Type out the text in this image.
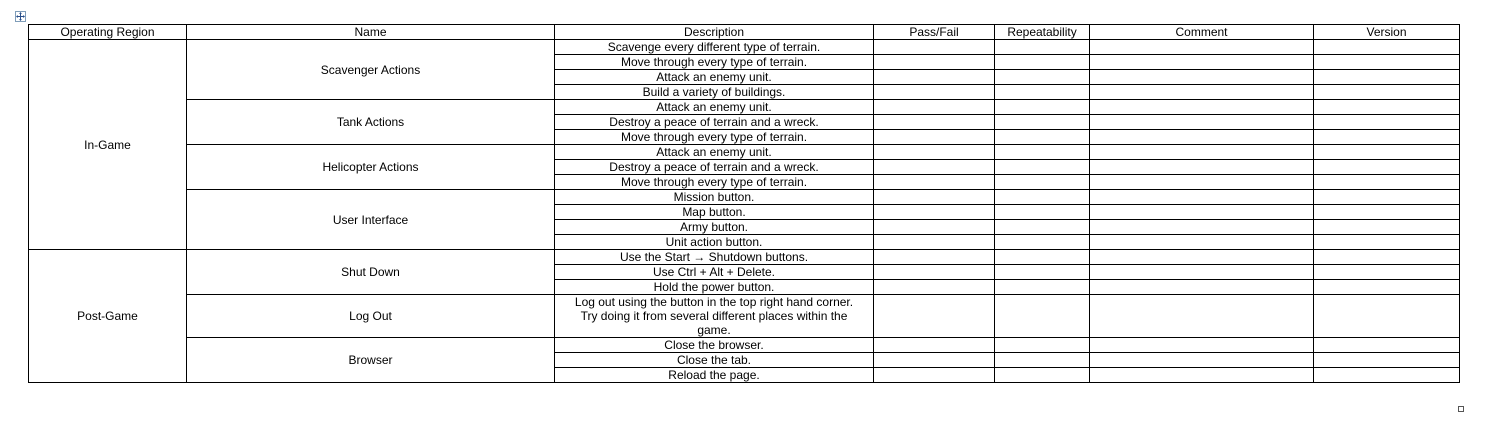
Operating Region	Name	Description	Pass/Fail	Repeatability	Comment	Version
In-Game	Scavenger Actions	Scavenge every different type of terrain.				
		Move through every type of terrain.				
		Attack an enemy unit.				
		Build a variety of buildings.				
	Tank Actions	Attack an enemy unit.				
		Destroy a peace of terrain and a wreck.				
		Move through every type of terrain.				
	Helicopter Actions	Attack an enemy unit.				
		Destroy a peace of terrain and a wreck.				
		Move through every type of terrain.				
	User Interface	Mission button.				
		Map button.				
		Army button.				
		Unit action button.				
Post-Game	Shut Down	Use the Start → Shutdown buttons.				
		Use Ctrl + Alt + Delete.				
		Hold the power button.				
	Log Out	Log out using the button in the top right hand corner. Try doing it from several different places within the game.				
	Browser	Close the browser.				
		Close the tab.				
		Reload the page.				
